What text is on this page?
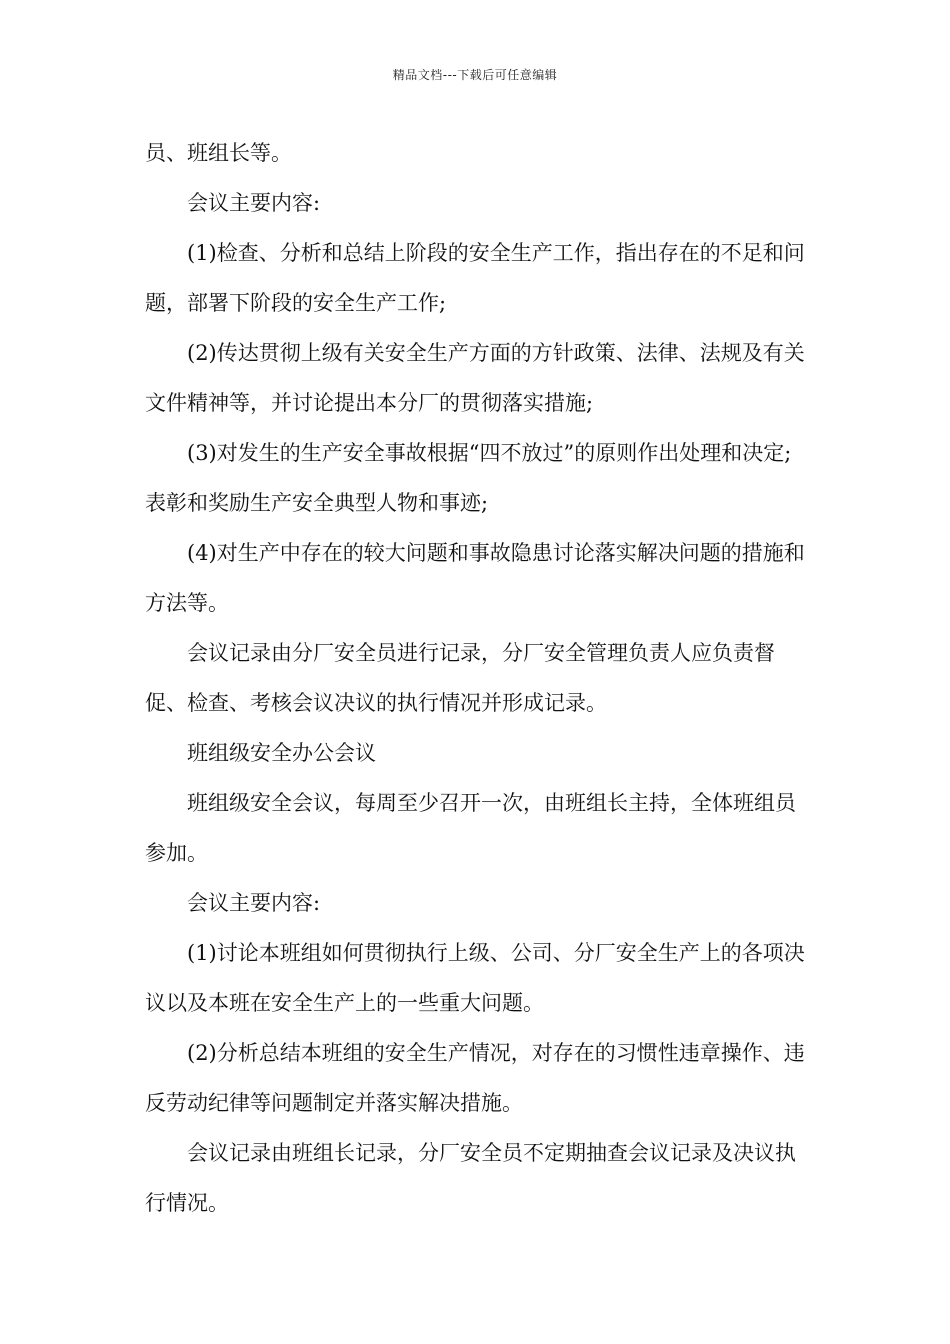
精品文档---下载后可任意编辑

员、班组长等。

会议主要内容:

(1)检查、分析和总结上阶段的安全生产工作，指出存在的不足和问题，部署下阶段的安全生产工作;

(2)传达贯彻上级有关安全生产方面的方针政策、法律、法规及有关文件精神等，并讨论提出本分厂的贯彻落实措施;

(3)对发生的生产安全事故根据“四不放过”的原则作出处理和决定;表彰和奖励生产安全典型人物和事迹;

(4)对生产中存在的较大问题和事故隐患讨论落实解决问题的措施和方法等。

会议记录由分厂安全员进行记录，分厂安全管理负责人应负责督促、检查、考核会议决议的执行情况并形成记录。

班组级安全办公会议

班组级安全会议，每周至少召开一次，由班组长主持，全体班组员参加。

会议主要内容:

(1)讨论本班组如何贯彻执行上级、公司、分厂安全生产上的各项决议以及本班在安全生产上的一些重大问题。

(2)分析总结本班组的安全生产情况，对存在的习惯性违章操作、违反劳动纪律等问题制定并落实解决措施。

会议记录由班组长记录，分厂安全员不定期抽查会议记录及决议执行情况。
